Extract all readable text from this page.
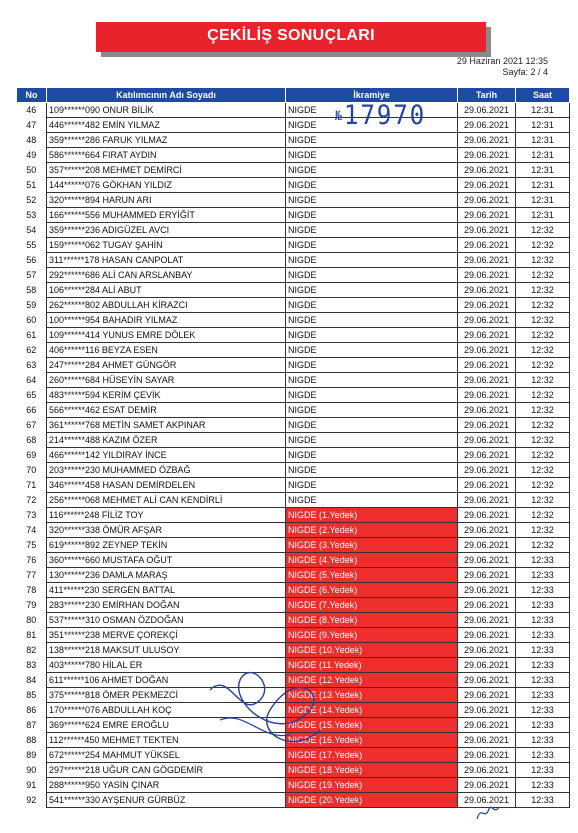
ÇEKİLİŞ SONUÇLARI
29 Haziran 2021 12:35
Sayfa: 2 / 4
No	Katılımcının Adı Soyadı	İkramiye	Tarih	Saat
46	109******090 ONUR BİLİK	NIGDE	29.06.2021	12:31
47	446******482 EMİN YILMAZ	NIGDE	29.06.2021	12:31
48	359******286 FARUK YILMAZ	NIGDE	29.06.2021	12:31
49	586******664 FIRAT AYDIN	NIGDE	29.06.2021	12:31
50	357******208 MEHMET DEMİRCİ	NIGDE	29.06.2021	12:31
51	144******076 GÖKHAN YILDIZ	NIGDE	29.06.2021	12:31
52	320******894 HARUN ARI	NIGDE	29.06.2021	12:31
53	166******556 MUHAMMED ERYİĞİT	NIGDE	29.06.2021	12:31
54	359******236 ADIGÜZEL AVCI	NIGDE	29.06.2021	12:32
55	159******062 TUGAY ŞAHİN	NIGDE	29.06.2021	12:32
56	311******178 HASAN CANPOLAT	NIGDE	29.06.2021	12:32
57	292******686 ALİ CAN ARSLANBAY	NIGDE	29.06.2021	12:32
58	106******284 ALİ ABUT	NIGDE	29.06.2021	12:32
59	262******802 ABDULLAH KİRAZCI	NIGDE	29.06.2021	12:32
60	100******954 BAHADIR YILMAZ	NIGDE	29.06.2021	12:32
61	109******414 YUNUS EMRE DÖLEK	NIGDE	29.06.2021	12:32
62	406******116 BEYZA ESEN	NIGDE	29.06.2021	12:32
63	247******284 AHMET GÜNGÖR	NIGDE	29.06.2021	12:32
64	260******684 HÜSEYİN SAYAR	NIGDE	29.06.2021	12:32
65	483******594 KERİM ÇEVİK	NIGDE	29.06.2021	12:32
66	566******462 ESAT DEMİR	NIGDE	29.06.2021	12:32
67	361******768 METİN SAMET AKPINAR	NIGDE	29.06.2021	12:32
68	214******488 KAZIM ÖZER	NIGDE	29.06.2021	12:32
69	466******142 YILDIRAY İNCE	NIGDE	29.06.2021	12:32
70	203******230 MUHAMMED ÖZBAĞ	NIGDE	29.06.2021	12:32
71	346******458 HASAN DEMİRDELEN	NIGDE	29.06.2021	12:32
72	256******068 MEHMET ALİ CAN KENDİRLİ	NIGDE	29.06.2021	12:32
73	116******248 FİLİZ TOY	NIGDE (1.Yedek)	29.06.2021	12:32
74	320******338 ÖMÜR AFŞAR	NIGDE (2.Yedek)	29.06.2021	12:32
75	619******892 ZEYNEP TEKİN	NIGDE (3.Yedek)	29.06.2021	12:32
76	360******660 MUSTAFA OĞUT	NIGDE (4.Yedek)	29.06.2021	12:33
77	130******236 DAMLA MARAŞ	NIGDE (5.Yedek)	29.06.2021	12:33
78	411******230 SERGEN BATTAL	NIGDE (6.Yedek)	29.06.2021	12:33
79	283******230 EMİRHAN DOĞAN	NIGDE (7.Yedek)	29.06.2021	12:33
80	537******310 OSMAN ÖZDOĞAN	NIGDE (8.Yedek)	29.06.2021	12:33
81	351******238 MERVE ÇOREKÇİ	NIGDE (9.Yedek)	29.06.2021	12:33
82	138******218 MAKSUT ULUSOY	NIGDE (10.Yedek)	29.06.2021	12:33
83	403******780 HİLAL ER	NIGDE (11.Yedek)	29.06.2021	12:33
84	611******106 AHMET DOĞAN	NIGDE (12.Yedek)	29.06.2021	12:33
85	375******818 ÖMER PEKMEZCİ	NIGDE (13.Yedek)	29.06.2021	12:33
86	170******076 ABDULLAH KOÇ	NIGDE (14.Yedek)	29.06.2021	12:33
87	369******624 EMRE EROĞLU	NIGDE (15.Yedek)	29.06.2021	12:33
88	112******450 MEHMET TEKTEN	NIGDE (16.Yedek)	29.06.2021	12:33
89	672******254 MAHMUT YÜKSEL	NIGDE (17.Yedek)	29.06.2021	12:33
90	297******218 UĞUR CAN GÖGDEMİR	NIGDE (18.Yedek)	29.06.2021	12:33
91	288******950 YASİN ÇINAR	NIGDE (19.Yedek)	29.06.2021	12:33
92	541******330 AYŞENUR GÜRBÜZ	NIGDE (20.Yedek)	29.06.2021	12:33
№17970
